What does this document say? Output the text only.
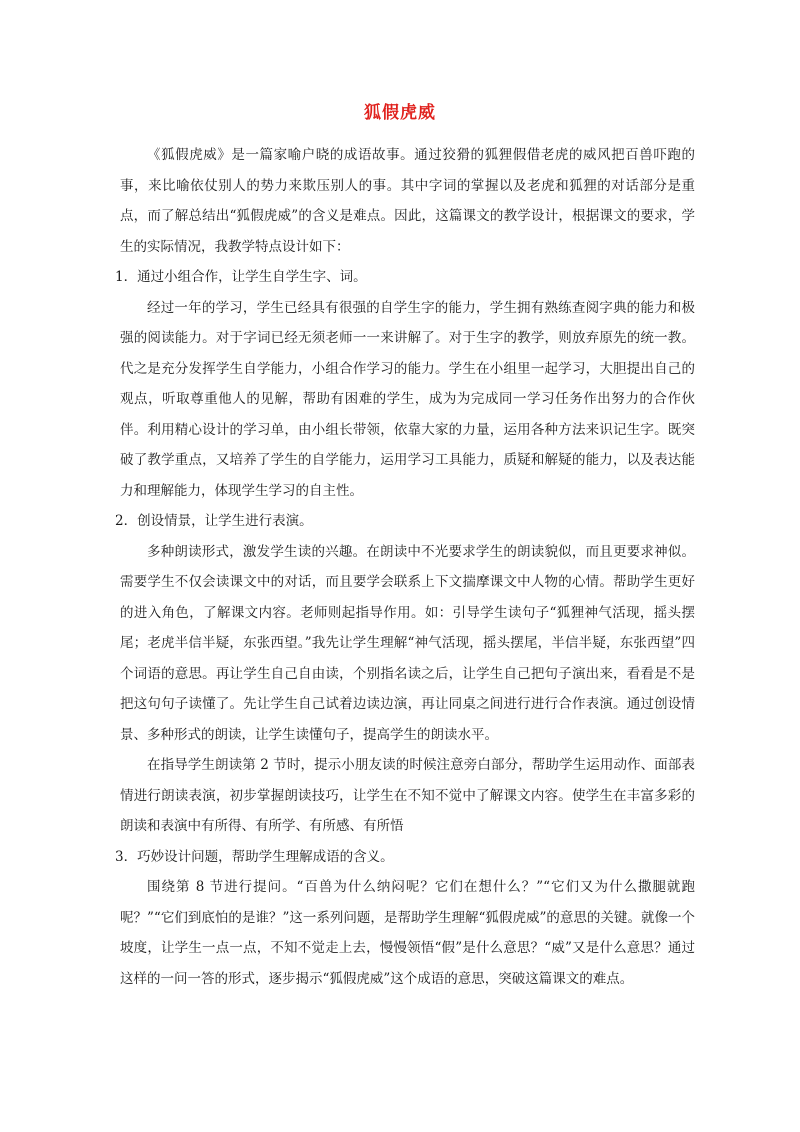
狐假虎威

《狐假虎威》是一篇家喻户晓的成语故事。通过狡猾的狐狸假借老虎的威风把百兽吓跑的事，来比喻依仗别人的势力来欺压别人的事。其中字词的掌握以及老虎和狐狸的对话部分是重点，而了解总结出“狐假虎威”的含义是难点。因此，这篇课文的教学设计，根据课文的要求，学生的实际情况，我教学特点设计如下：

1．通过小组合作，让学生自学生字、词。

经过一年的学习，学生已经具有很强的自学生字的能力，学生拥有熟练查阅字典的能力和极强的阅读能力。对于字词已经无须老师一一来讲解了。对于生字的教学，则放弃原先的统一教。代之是充分发挥学生自学能力，小组合作学习的能力。学生在小组里一起学习，大胆提出自己的观点，听取尊重他人的见解，帮助有困难的学生，成为为完成同一学习任务作出努力的合作伙伴。利用精心设计的学习单，由小组长带领，依靠大家的力量，运用各种方法来识记生字。既突破了教学重点，又培养了学生的自学能力，运用学习工具能力，质疑和解疑的能力，以及表达能力和理解能力，体现学生学习的自主性。

2．创设情景，让学生进行表演。

多种朗读形式，激发学生读的兴趣。在朗读中不光要求学生的朗读貌似，而且更要求神似。需要学生不仅会读课文中的对话，而且要学会联系上下文揣摩课文中人物的心情。帮助学生更好的进入角色，了解课文内容。老师则起指导作用。如：引导学生读句子“狐狸神气活现，摇头摆尾；老虎半信半疑，东张西望。”我先让学生理解“神气活现，摇头摆尾，半信半疑，东张西望”四个词语的意思。再让学生自己自由读，个别指名读之后，让学生自己把句子演出来，看看是不是把这句句子读懂了。先让学生自己试着边读边演，再让同桌之间进行进行合作表演。通过创设情景、多种形式的朗读，让学生读懂句子，提高学生的朗读水平。

在指导学生朗读第 2 节时，提示小朋友读的时候注意旁白部分，帮助学生运用动作、面部表情进行朗读表演，初步掌握朗读技巧，让学生在不知不觉中了解课文内容。使学生在丰富多彩的朗读和表演中有所得、有所学、有所感、有所悟

3．巧妙设计问题，帮助学生理解成语的含义。

围绕第 8 节进行提问。“百兽为什么纳闷呢？它们在想什么？”“它们又为什么撒腿就跑呢？”“它们到底怕的是谁？”这一系列问题，是帮助学生理解“狐假虎威”的意思的关键。就像一个坡度，让学生一点一点，不知不觉走上去，慢慢领悟“假”是什么意思？“威”又是什么意思？通过这样的一问一答的形式，逐步揭示“狐假虎威”这个成语的意思，突破这篇课文的难点。
